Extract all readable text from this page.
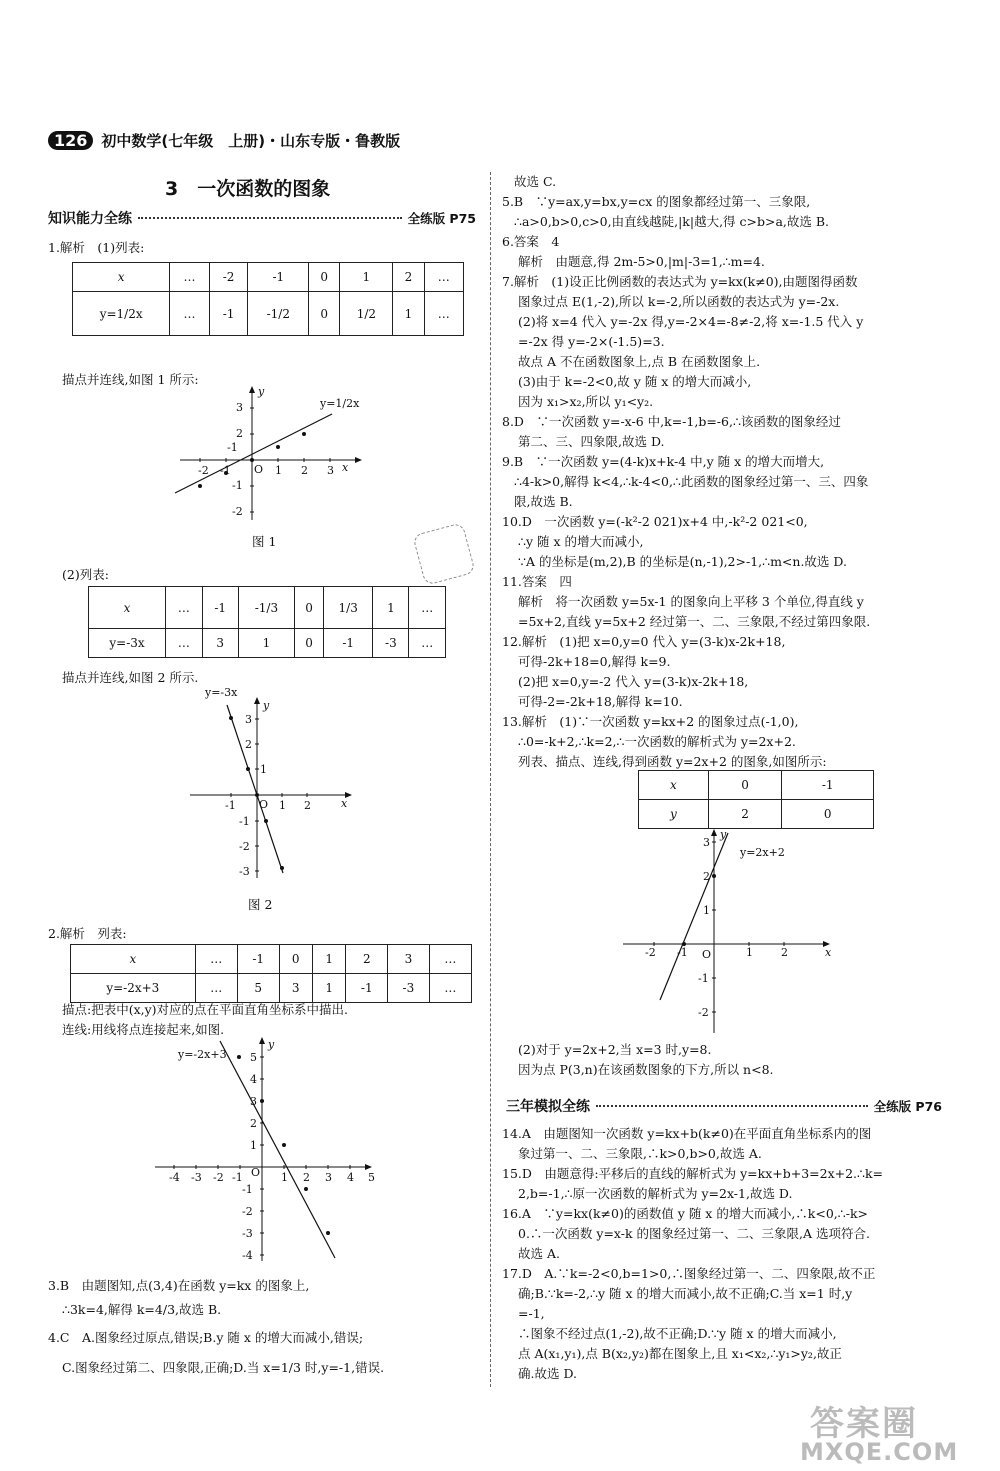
126 初中数学(七年级　上册)・山东专版・鲁教版
3　一次函数的图象
知识能力全练	全练版 P75
1.解析　(1)列表:
x	…	-2	-1	0	1	2	…
y=1/2x	…	-1	-1/2	0	1/2	1	…
描点并连线,如图 1 所示:
-2 -1 O 1 2 3 x
3
2
-1
-1
-2
y
y=1/2x
图 1
(2)列表:
x	…	-1	-1/3	0	1/3	1	…
y=-3x	…	3	1	0	-1	-3	…
描点并连线,如图 2 所示.
y
y=-3x
3
2
1
-1 O 1 2	x
-1
-2
-3
图 2
2.解析　列表:
x	…	-1	0	1	2	3	…
y=-2x+3	…	5	3	1	-1	-3	…
描点:把表中(x,y)对应的点在平面直角坐标系中描出.
连线:用线将点连接起来,如图.
y
y=-2x+3 5
4
3
2
1
-4 -3 -2 -1 O 1 2 3 4 5
-1
-2
-3
-4
3.B　由题图知,点(3,4)在函数 y=kx 的图象上,
∴3k=4,解得 k=4/3,故选 B.
4.C　A.图象经过原点,错误;B.y 随 x 的增大而减小,错误;
C.图象经过第二、四象限,正确;D.当 x=1/3 时,y=-1,错误.
故选 C.
5.B　∵y=ax,y=bx,y=cx 的图象都经过第一、三象限,
∴a>0,b>0,c>0,由直线越陡,|k|越大,得 c>b>a,故选 B.
6.答案　4
解析　由题意,得 2m-5>0,|m|-3=1,∴m=4.
7.解析　(1)设正比例函数的表达式为 y=kx(k≠0),由题图得函数
图象过点 E(1,-2),所以 k=-2,所以函数的表达式为 y=-2x.
(2)将 x=4 代入 y=-2x 得,y=-2×4=-8≠-2,将 x=-1.5 代入 y
=-2x 得 y=-2×(-1.5)=3.
故点 A 不在函数图象上,点 B 在函数图象上.
(3)由于 k=-2<0,故 y 随 x 的增大而减小,
因为 x₁>x₂,所以 y₁<y₂.
8.D　∵一次函数 y=-x-6 中,k=-1,b=-6,∴该函数的图象经过
第二、三、四象限,故选 D.
9.B　∵一次函数 y=(4-k)x+k-4 中,y 随 x 的增大而增大,
∴4-k>0,解得 k<4,∴k-4<0,∴此函数的图象经过第一、三、四象
限,故选 B.
10.D　一次函数 y=(-k²-2 021)x+4 中,-k²-2 021<0,
∴y 随 x 的增大而减小,
∵A 的坐标是(m,2),B 的坐标是(n,-1),2>-1,∴m<n.故选 D.
11.答案　四
解析　将一次函数 y=5x-1 的图象向上平移 3 个单位,得直线 y
=5x+2,直线 y=5x+2 经过第一、二、三象限,不经过第四象限.
12.解析　(1)把 x=0,y=0 代入 y=(3-k)x-2k+18,
可得-2k+18=0,解得 k=9.
(2)把 x=0,y=-2 代入 y=(3-k)x-2k+18,
可得-2=-2k+18,解得 k=10.
13.解析　(1)∵一次函数 y=kx+2 的图象过点(-1,0),
∴0=-k+2,∴k=2,∴一次函数的解析式为 y=2x+2.
列表、描点、连线,得到函数 y=2x+2 的图象,如图所示:
x	0	-1
y	2	0
y
y=2x+2
3
2
1
-2 -1 O	1	2	x
-1
-2
(2)对于 y=2x+2,当 x=3 时,y=8.
因为点 P(3,n)在该函数图象的下方,所以 n<8.
三年模拟全练	全练版 P76
14.A　由题图知一次函数 y=kx+b(k≠0)在平面直角坐标系内的图
象过第一、二、三象限,∴k>0,b>0,故选 A.
15.D　由题意得:平移后的直线的解析式为 y=kx+b+3=2x+2.∴k=
2,b=-1,∴原一次函数的解析式为 y=2x-1,故选 D.
16.A　∵y=kx(k≠0)的函数值 y 随 x 的增大而减小,∴k<0,∴-k>
0.∴一次函数 y=x-k 的图象经过第一、二、三象限,A 选项符合.
故选 A.
17.D　A.∵k=-2<0,b=1>0,∴图象经过第一、二、四象限,故不正
确;B.∵k=-2,∴y 随 x 的增大而减小,故不正确;C.当 x=1 时,y
=-1,
∴图象不经过点(1,-2),故不正确;D.∵y 随 x 的增大而减小,
点 A(x₁,y₁),点 B(x₂,y₂)都在图象上,且 x₁<x₂,∴y₁>y₂,故正
确.故选 D.
答案圈
MXQE.COM
